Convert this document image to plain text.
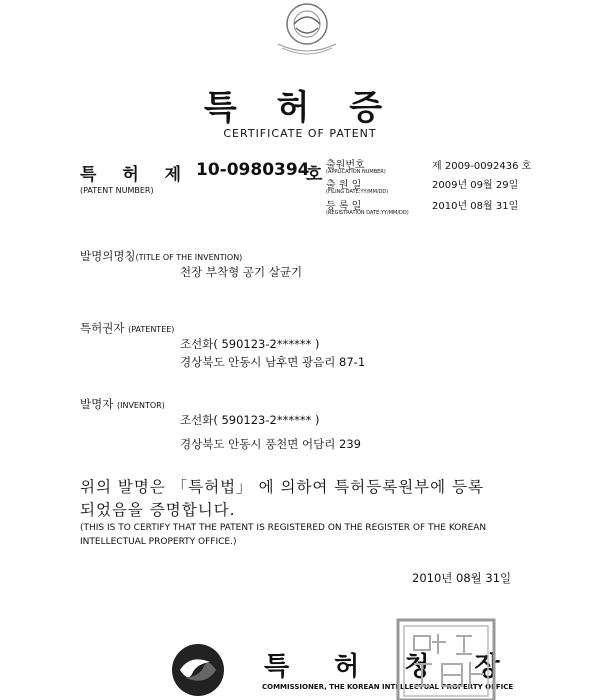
특 허 증
CERTIFICATE OF PATENT
특 허 제 10-0980394
호
(PATENT NUMBER)
출원번호
(APPLICATION NUMBER)	제 2009-0092436 호
출 원 일
(FILING DATE:YY/MM/DD)
2009년 09월 29일
등 록 일
(REGISTRATION DATE:YY/MM/DD)
2010년 08월 31일
발명의명칭(TITLE OF THE INVENTION)
천장 부착형 공기 살균기
특허권자 (PATENTEE)
조선화( 590123-2****** )
경상북도 안동시 남후면 광음리 87-1
발명자 (INVENTOR)
조선화( 590123-2****** )
경상북도 안동시 풍천면 어담리 239
위의 발명은 「특허법」 에 의하여 특허등록원부에 등록
되었음을 증명합니다.
(THIS IS TO CERTIFY THAT THE PATENT IS REGISTERED ON THE REGISTER OF THE KOREAN
INTELLECTUAL PROPERTY OFFICE.)
2010년 08월 31일
특 허 청 장
COMMISSIONER, THE KOREAN INTELLECTUAL PROPERTY OFFICE
